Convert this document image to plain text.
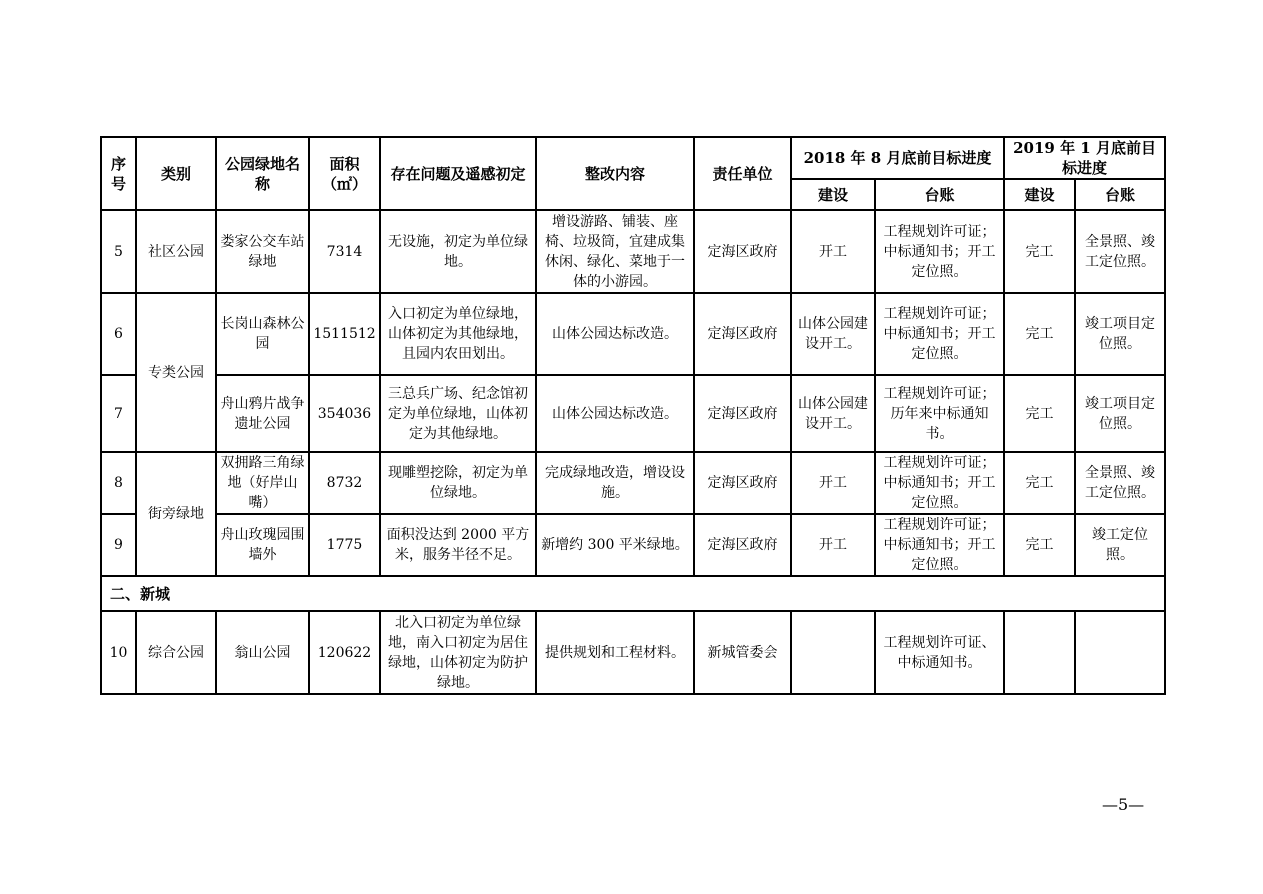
序号	类别	公园绿地名称	面积（㎡）	存在问题及遥感初定	整改内容	责任单位	2018 年 8 月底前目标进度		2019 年 1 月底前目标进度	
							建设	台账	建设	台账
5	社区公园	娄家公交车站绿地	7314	无设施，初定为单位绿地。	增设游路、铺装、座椅、垃圾筒，宜建成集休闲、绿化、菜地于一体的小游园。	定海区政府	开工	工程规划许可证；中标通知书；开工定位照。	完工	全景照、竣工定位照。
6	专类公园	长岗山森林公园	1511512	入口初定为单位绿地，山体初定为其他绿地，且园内农田划出。	山体公园达标改造。	定海区政府	山体公园建设开工。	工程规划许可证；中标通知书；开工定位照。	完工	竣工项目定位照。
7		舟山鸦片战争遗址公园	354036	三总兵广场、纪念馆初定为单位绿地，山体初定为其他绿地。	山体公园达标改造。	定海区政府	山体公园建设开工。	工程规划许可证；历年来中标通知书。	完工	竣工项目定位照。
8	街旁绿地	双拥路三角绿地（好岸山嘴）	8732	现雕塑挖除，初定为单位绿地。	完成绿地改造，增设设施。	定海区政府	开工	工程规划许可证；中标通知书；开工定位照。	完工	全景照、竣工定位照。
9		舟山玫瑰园围墙外	1775	面积没达到 2000 平方米，服务半径不足。	新增约 300 平米绿地。	定海区政府	开工	工程规划许可证；中标通知书；开工定位照。	完工	竣工定位照。
二、新城										
10	综合公园	翁山公园	120622	北入口初定为单位绿地，南入口初定为居住绿地，山体初定为防护绿地。	提供规划和工程材料。	新城管委会		工程规划许可证、中标通知书。		
—5—
